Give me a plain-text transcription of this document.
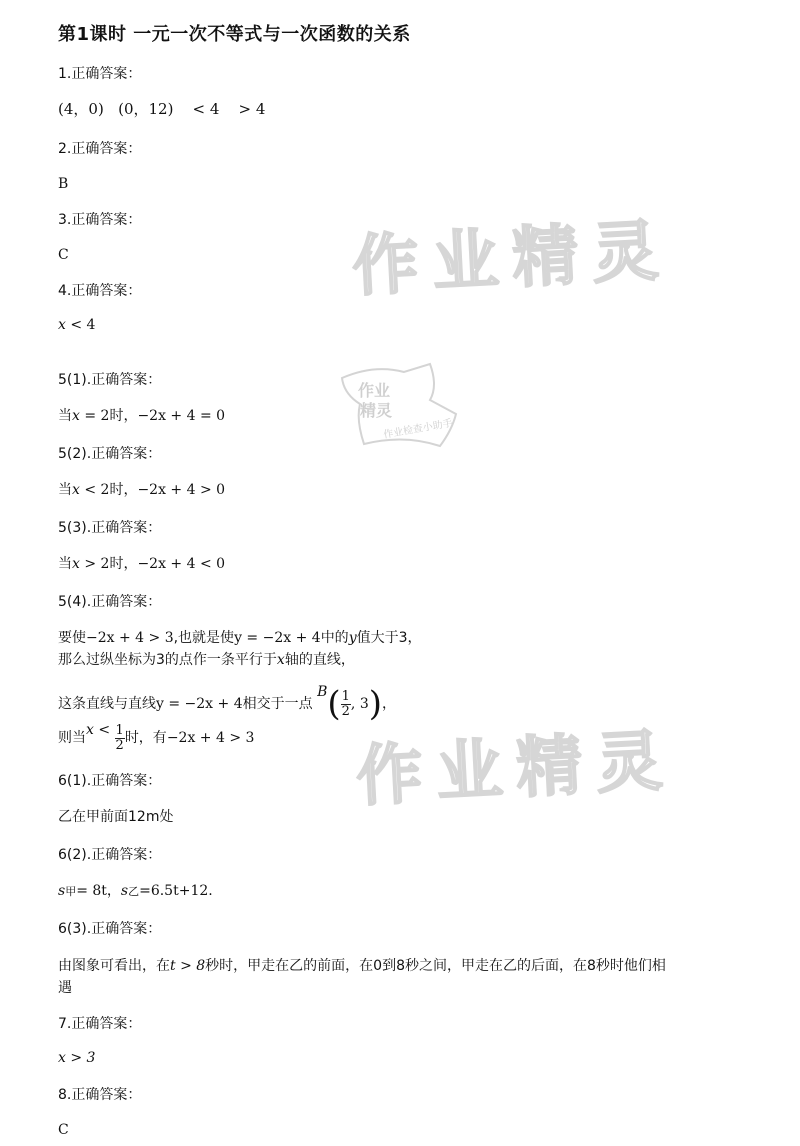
作业精灵
作业精灵
作业
精灵
作业检查小助手
第1课时 一元一次不等式与一次函数的关系
1.正确答案：
(4，0) (0，12) < 4 > 4
2.正确答案：
B
3.正确答案：
C
4.正确答案：
x < 4
5(1).正确答案：
当x = 2时，−2x + 4 = 0
5(2).正确答案：
当x < 2时，−2x + 4 > 0
5(3).正确答案：
当x > 2时，−2x + 4 < 0
5(4).正确答案：
要使−2x + 4 > 3,也就是使y = −2x + 4中的y值大于3，
那么过纵坐标为3的点作一条平行于x轴的直线，
这条直线与直线y = −2x + 4相交于一点 $B( \frac{1}{2}$ , 3)，
则当$x < \frac{1}{2}$ 时，有−2x + 4 > 3
6(1).正确答案：
乙在甲前面12m处
6(2).正确答案：
s甲= 8t，s乙=6.5t+12.
6(3).正确答案：
由图象可看出，在t > 8秒时，甲走在乙的前面，在0到8秒之间，甲走在乙的后面，在8秒时他们相
遇
7.正确答案：
x > 3
8.正确答案：
C
